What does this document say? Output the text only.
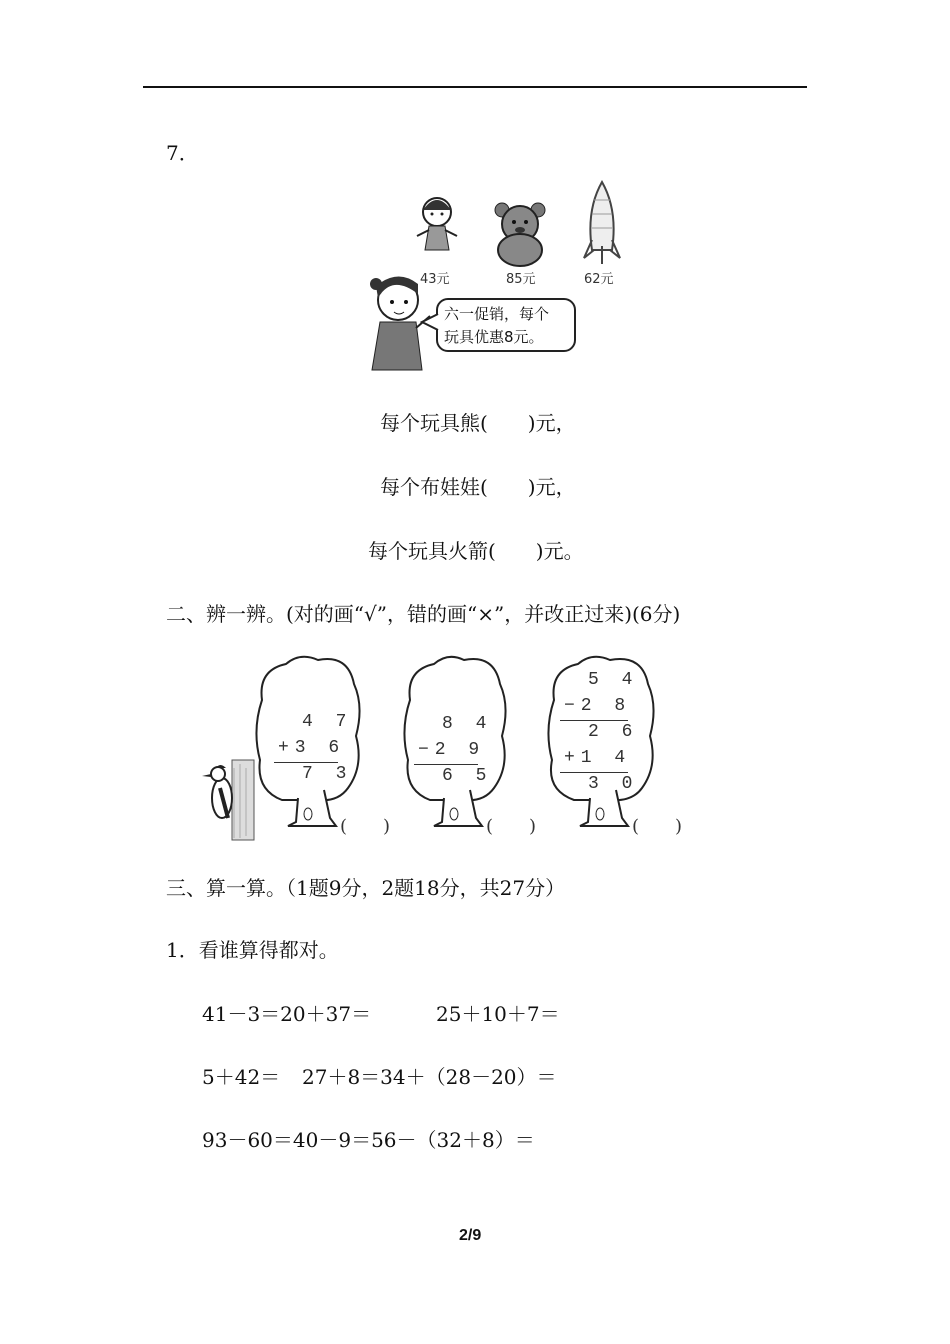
7．
43元	85元	62元
六一促销，每个
玩具优惠8元。
每个玩具熊(　　)元，
每个布娃娃(　　)元，
每个玩具火箭(　　)元。
二、辨一辨。(对的画“√”，错的画“×”，并改正过来)(6分)
4 7
+3 6
7 3
(　　)
8 4
−2 9
6 5
(　　)
5 4
−2 8
2 6
+1 4
3 0
(　　)
三、算一算。（1题9分，2题18分，共27分）
1．看谁算得都对。
41－3＝20＋37＝	25＋10＋7＝
5＋42＝ 27＋8＝34＋（28－20）＝
93－60＝40－9＝56－（32＋8）＝
2/9
